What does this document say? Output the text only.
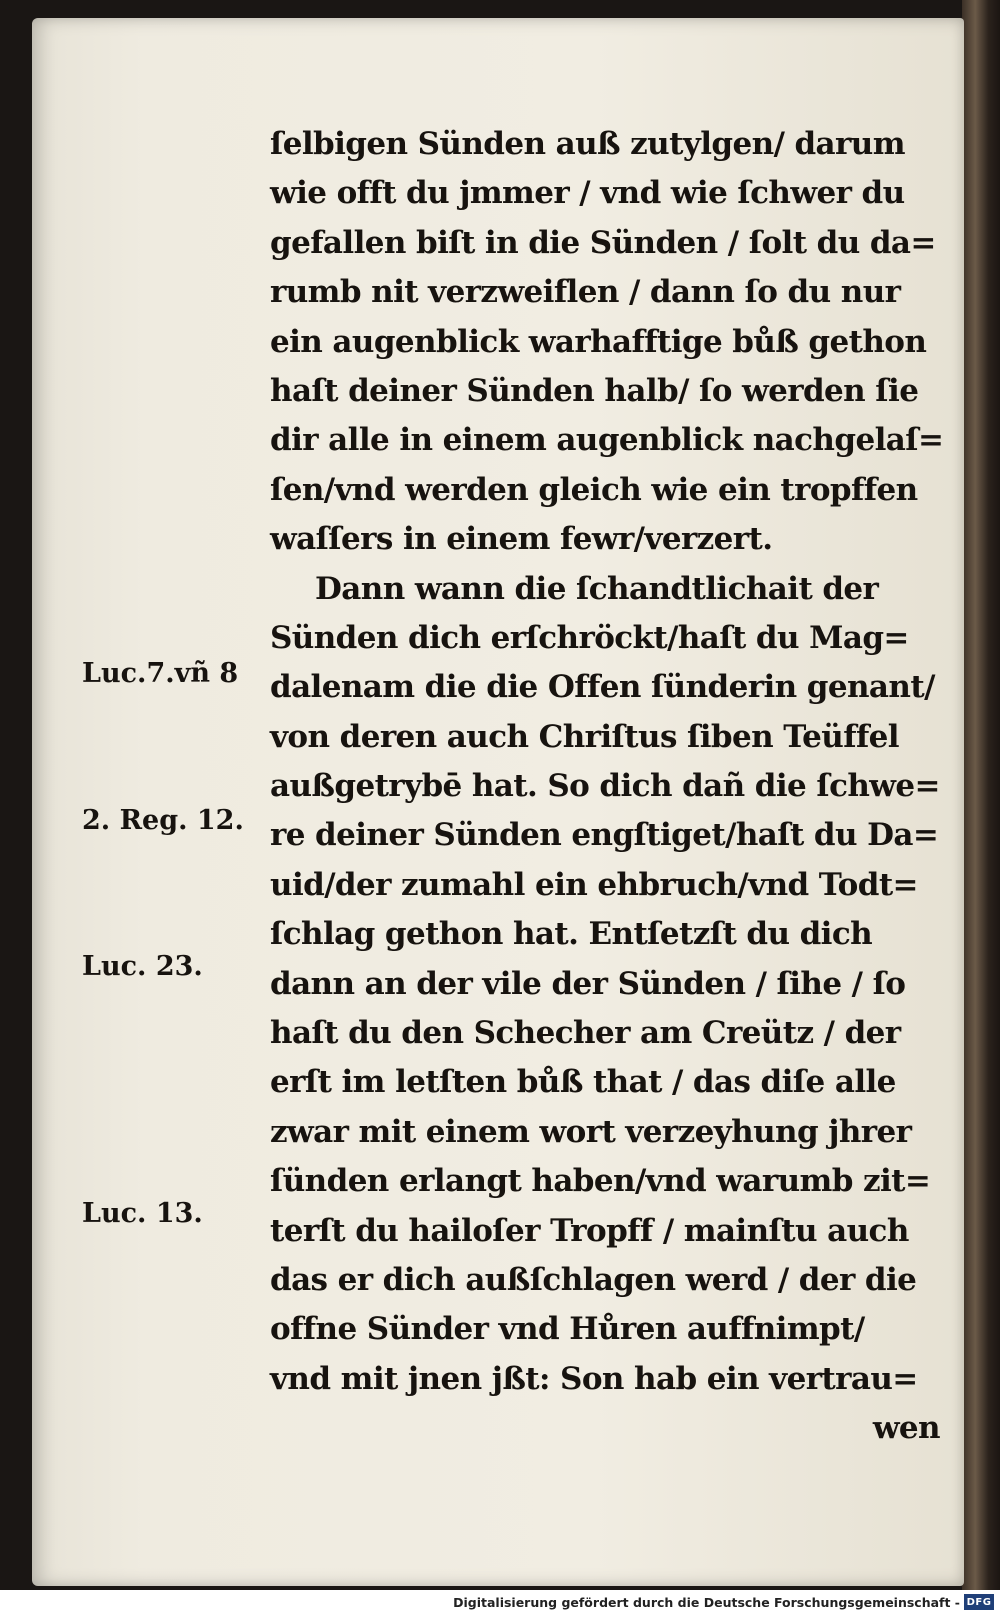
ſelbigen Sünden auß zutylgen/ darum
wie offt du jmmer / vnd wie ſchwer du
gefallen biſt in die Sünden / ſolt du da=
rumb nit verzweiflen / dann ſo du nur
ein augenblick warhafftige bůß gethon
haſt deiner Sünden halb/ ſo werden ſie
dir alle in einem augenblick nachgelaſ=
ſen/vnd werden gleich wie ein tropffen
waſſers in einem fewr/verzert.
Dann wann die ſchandtlichait der
Sünden dich erſchröckt/haſt du Mag=
dalenam die die Offen ſünderin genant/
von deren auch Chriſtus ſiben Teüffel
außgetrybē hat. So dich dañ die ſchwe=
re deiner Sünden engſtiget/haſt du Da=
uid/der zumahl ein ehbruch/vnd Todt=
ſchlag gethon hat. Entſetzſt du dich
dann an der vile der Sünden / ſihe / ſo
haſt du den Schecher am Creütz / der
erſt im letſten bůß that / das diſe alle
zwar mit einem wort verzeyhung jhrer
ſünden erlangt haben/vnd warumb zit=
terſt du hailoſer Tropff / mainſtu auch
das er dich außſchlagen werd / der die
offne Sünder vnd Hůren auffnimpt/
vnd mit jnen jßt: Son hab ein vertrau=
wen
Luc.7.vñ 8
2. Reg. 12.
Luc. 23.
Luc. 13.
Digitalisierung gefördert durch die Deutsche Forschungsgemeinschaft - DFG
